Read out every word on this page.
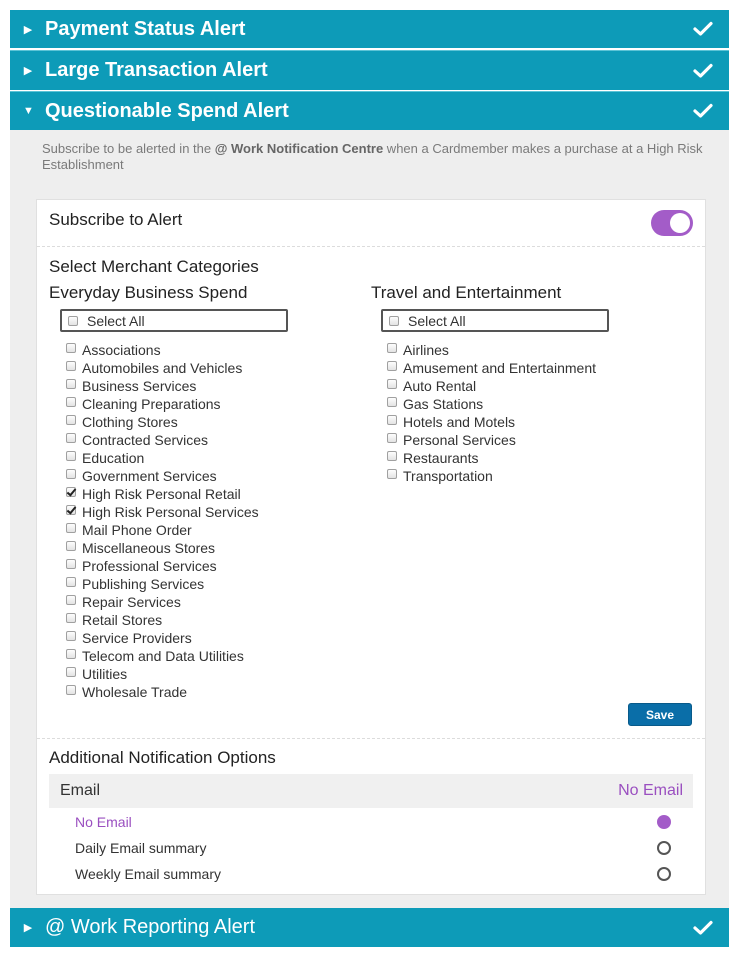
▶ Payment Status Alert
▶ Large Transaction Alert
▼ Questionable Spend Alert
Subscribe to be alerted in the @ Work Notification Centre when a Cardmember makes a purchase at a High Risk Establishment
Subscribe to Alert
Select Merchant Categories
Everyday Business Spend	Travel and Entertainment
Select All	Select All
Associations
Automobiles and Vehicles
Business Services
Cleaning Preparations
Clothing Stores
Contracted Services
Education
Government Services
High Risk Personal Retail
High Risk Personal Services
Mail Phone Order
Miscellaneous Stores
Professional Services
Publishing Services
Repair Services
Retail Stores
Service Providers
Telecom and Data Utilities
Utilities
Wholesale Trade
Airlines
Amusement and Entertainment
Auto Rental
Gas Stations
Hotels and Motels
Personal Services
Restaurants
Transportation
Save
Additional Notification Options
Email	No Email
No Email
Daily Email summary
Weekly Email summary
▶ @ Work Reporting Alert
